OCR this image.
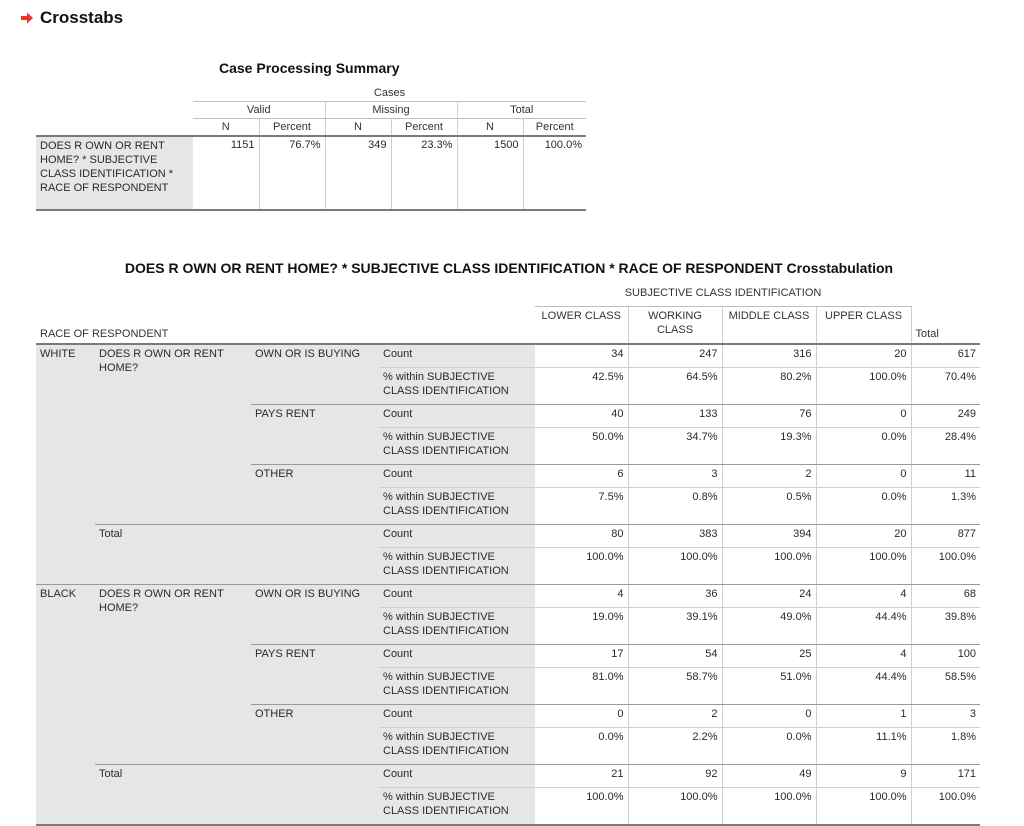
Crosstabs
Case Processing Summary
	Cases					
	Valid		Missing		Total	
	N	Percent	N	Percent	N	Percent
DOES R OWN OR RENT HOME? * SUBJECTIVE CLASS IDENTIFICATION * RACE OF RESPONDENT	1151	76.7%	349	23.3%	1500	100.0%
DOES R OWN OR RENT HOME? * SUBJECTIVE CLASS IDENTIFICATION * RACE OF RESPONDENT Crosstabulation
				SUBJECTIVE CLASS IDENTIFICATION				
RACE OF RESPONDENT				LOWER CLASS	WORKING CLASS	MIDDLE CLASS	UPPER CLASS	Total
WHITE	DOES R OWN OR RENT HOME?	OWN OR IS BUYING	Count	34	247	316	20	617
			% within SUBJECTIVE CLASS IDENTIFICATION	42.5%	64.5%	80.2%	100.0%	70.4%
		PAYS RENT	Count	40	133	76	0	249
			% within SUBJECTIVE CLASS IDENTIFICATION	50.0%	34.7%	19.3%	0.0%	28.4%
		OTHER	Count	6	3	2	0	11
			% within SUBJECTIVE CLASS IDENTIFICATION	7.5%	0.8%	0.5%	0.0%	1.3%
	Total		Count	80	383	394	20	877
			% within SUBJECTIVE CLASS IDENTIFICATION	100.0%	100.0%	100.0%	100.0%	100.0%
BLACK	DOES R OWN OR RENT HOME?	OWN OR IS BUYING	Count	4	36	24	4	68
			% within SUBJECTIVE CLASS IDENTIFICATION	19.0%	39.1%	49.0%	44.4%	39.8%
		PAYS RENT	Count	17	54	25	4	100
			% within SUBJECTIVE CLASS IDENTIFICATION	81.0%	58.7%	51.0%	44.4%	58.5%
		OTHER	Count	0	2	0	1	3
			% within SUBJECTIVE CLASS IDENTIFICATION	0.0%	2.2%	0.0%	11.1%	1.8%
	Total		Count	21	92	49	9	171
			% within SUBJECTIVE CLASS IDENTIFICATION	100.0%	100.0%	100.0%	100.0%	100.0%
